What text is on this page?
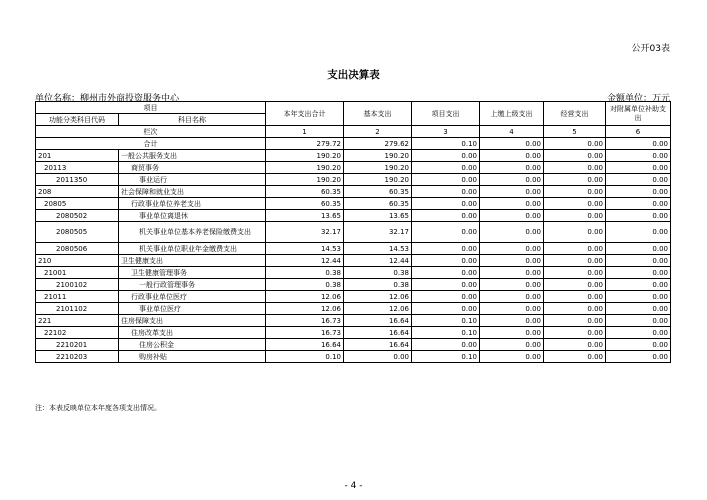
公开03表
支出决算表
单位名称：柳州市外商投资服务中心	金额单位：万元
项目		本年支出合计	基本支出	项目支出	上缴上级支出	经营支出	对附属单位补助支出
功能分类科目代码	科目名称						
栏次		1	2	3	4	5	6
合计		279.72	279.62	0.10	0.00	0.00	0.00
201	一般公共服务支出	190.20	190.20	0.00	0.00	0.00	0.00
20113	商贸事务	190.20	190.20	0.00	0.00	0.00	0.00
2011350	事业运行	190.20	190.20	0.00	0.00	0.00	0.00
208	社会保障和就业支出	60.35	60.35	0.00	0.00	0.00	0.00
20805	行政事业单位养老支出	60.35	60.35	0.00	0.00	0.00	0.00
2080502	事业单位离退休	13.65	13.65	0.00	0.00	0.00	0.00
2080505	机关事业单位基本养老保险缴费支出	32.17	32.17	0.00	0.00	0.00	0.00
2080506	机关事业单位职业年金缴费支出	14.53	14.53	0.00	0.00	0.00	0.00
210	卫生健康支出	12.44	12.44	0.00	0.00	0.00	0.00
21001	卫生健康管理事务	0.38	0.38	0.00	0.00	0.00	0.00
2100102	一般行政管理事务	0.38	0.38	0.00	0.00	0.00	0.00
21011	行政事业单位医疗	12.06	12.06	0.00	0.00	0.00	0.00
2101102	事业单位医疗	12.06	12.06	0.00	0.00	0.00	0.00
221	住房保障支出	16.73	16.64	0.10	0.00	0.00	0.00
22102	住房改革支出	16.73	16.64	0.10	0.00	0.00	0.00
2210201	住房公积金	16.64	16.64	0.00	0.00	0.00	0.00
2210203	购房补贴	0.10	0.00	0.10	0.00	0.00	0.00
注：本表反映单位本年度各项支出情况。
- 4 -
